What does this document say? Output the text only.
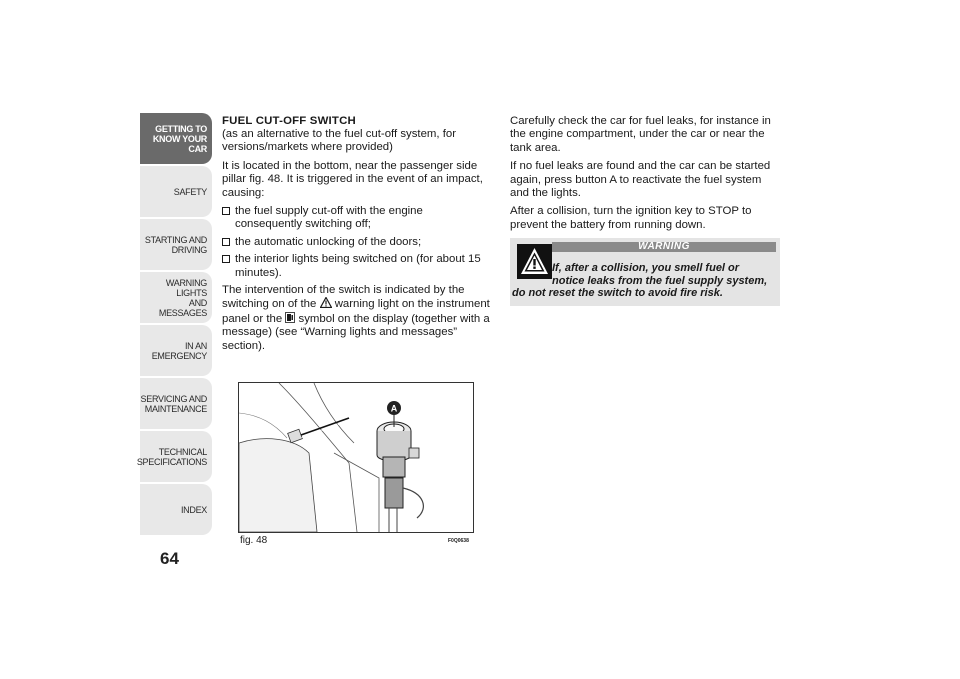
GETTING TO
KNOW YOUR CAR
SAFETY
STARTING AND
DRIVING
WARNING LIGHTS
AND MESSAGES
IN AN EMERGENCY
SERVICING AND
MAINTENANCE
TECHNICAL
SPECIFICATIONS
INDEX
64
FUEL CUT-OFF SWITCH

(as an alternative to the fuel cut-off system, for versions/markets where provided)

It is located in the bottom, near the passenger side pillar fig. 48. It is triggered in the event of an impact, causing:

the fuel supply cut-off with the engine consequently switching off;
the automatic unlocking of the doors;
the interior lights being switched on (for about 15 minutes).

The intervention of the switch is indicated by the switching on of the warning light on the instrument panel or the symbol on the display (together with a message) (see “Warning lights and messages” section).

A
fig. 48	F0Q0638

Carefully check the car for fuel leaks, for instance in the engine compartment, under the car or near the tank area.

If no fuel leaks are found and the car can be started again, press button A to reactivate the fuel system and the lights.

After a collision, turn the ignition key to STOP to prevent the battery from running down.

WARNING
If, after a collision, you smell fuel or
notice leaks from the fuel supply system,
do not reset the switch to avoid fire risk.
